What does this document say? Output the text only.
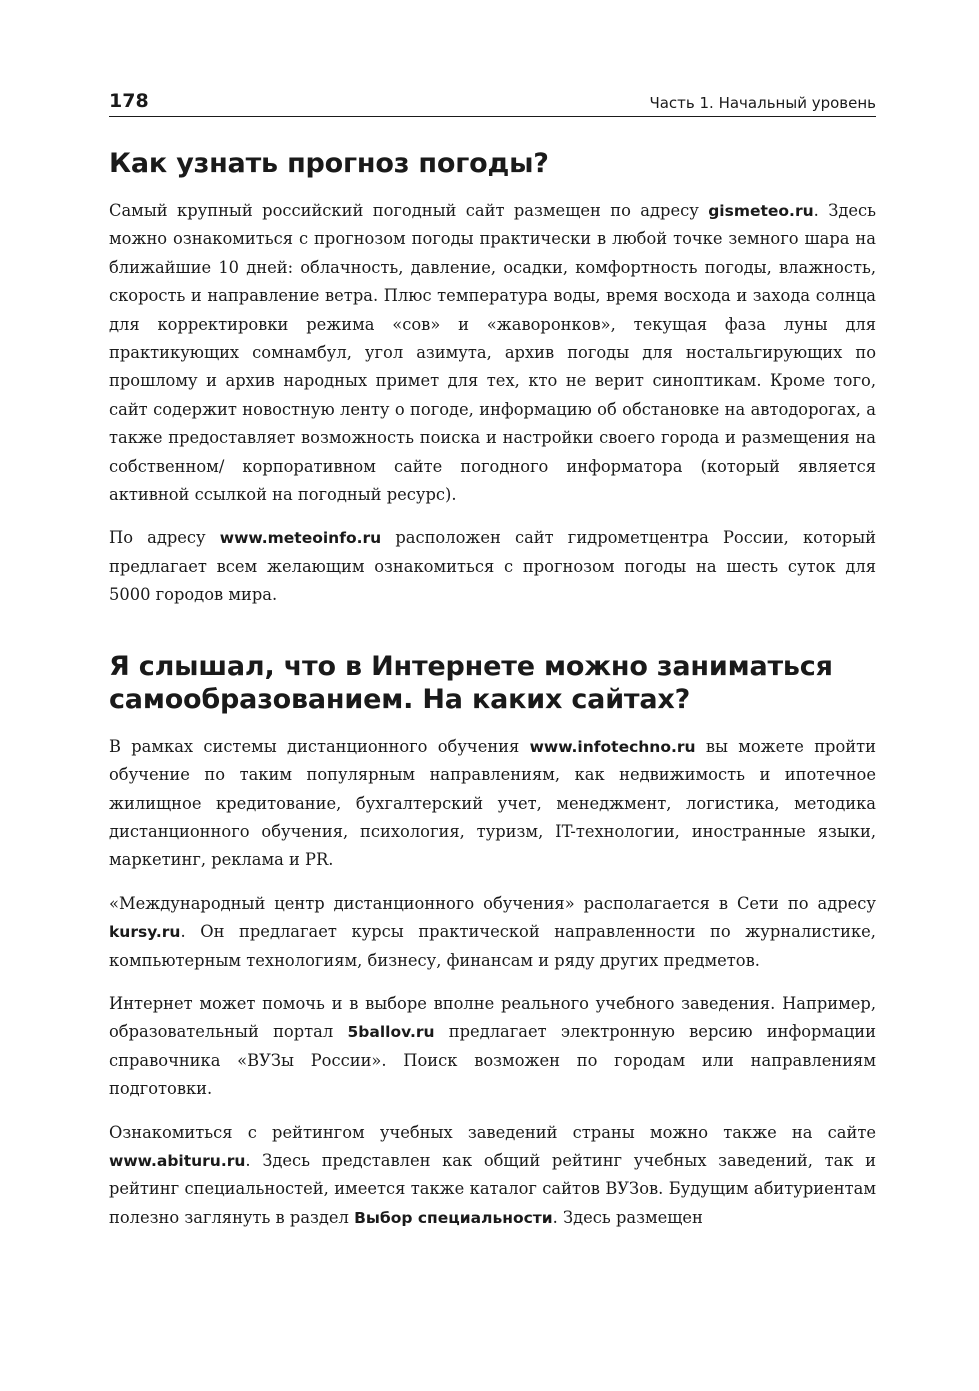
178	Часть 1. Начальный уровень
Как узнать прогноз погоды?

Самый крупный российский погодный сайт размещен по адресу gismeteo.ru. Здесь можно ознакомиться с прогнозом погоды практически в любой точке земного шара на ближайшие 10 дней: облачность, давление, осадки, комфортность погоды, влажность, скорость и направление ветра. Плюс температура воды, время восхода и захода солнца для корректировки режима «сов» и «жаворонков», текущая фаза луны для практикующих сомнамбул, угол азимута, архив погоды для ностальгирующих по прошлому и архив народных примет для тех, кто не верит синоптикам. Кроме того, сайт содержит новостную ленту о погоде, информацию об обстановке на автодорогах, а также предоставляет возможность поиска и настройки своего города и размещения на собственном/ корпоративном сайте погодного информатора (который является активной ссылкой на погодный ресурс).

По адресу www.meteoinfo.ru расположен сайт гидрометцентра России, который предлагает всем желающим ознакомиться с прогнозом погоды на шесть суток для 5000 городов мира.

Я слышал, что в Интернете можно заниматься
самообразованием. На каких сайтах?

В рамках системы дистанционного обучения www.infotechno.ru вы можете пройти обучение по таким популярным направлениям, как недвижимость и ипотечное жилищное кредитование, бухгалтерский учет, менеджмент, логистика, методика дистанционного обучения, психология, туризм, IT-технологии, иностранные языки, маркетинг, реклама и PR.

«Международный центр дистанционного обучения» располагается в Сети по адресу kursy.ru. Он предлагает курсы практической направленности по журналистике, компьютерным технологиям, бизнесу, финансам и ряду других предметов.

Интернет может помочь и в выборе вполне реального учебного заведения. Например, образовательный портал 5ballov.ru предлагает электронную версию информации справочника «ВУЗы России». Поиск возможен по городам или направлениям подготовки.

Ознакомиться с рейтингом учебных заведений страны можно также на сайте www.abituru.ru. Здесь представлен как общий рейтинг учебных заведений, так и рейтинг специальностей, имеется также каталог сайтов ВУЗов. Будущим абитуриентам полезно заглянуть в раздел Выбор специальности. Здесь размещен
